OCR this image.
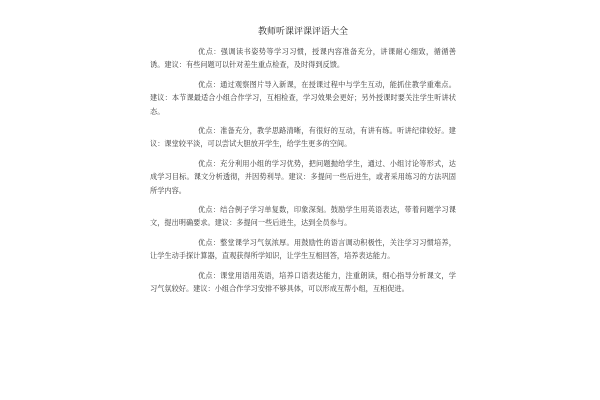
教师听课评课评语大全

优点：强调读书姿势等学习习惯，授课内容准备充分，讲课耐心细致，循循善诱。建议：有些问题可以针对差生重点检查，及时得到反馈。

优点：通过观察图片导入新课，在授课过程中与学生互动，能抓住教学重难点。建议：本节课最适合小组合作学习，互相检查，学习效果会更好；另外授课时要关注学生听讲状态。

优点：准备充分，教学思路清晰，有很好的互动，有讲有练。听讲纪律较好。建议：课堂较平淡，可以尝试大胆放开学生，给学生更多的空间。

优点：充分利用小组的学习优势，把问题抛给学生，通过、小组讨论等形式，达成学习目标。课文分析透彻，并因势利导。建议：多提问一些后进生，或者采用练习的方法巩固所学内容。

优点：结合例子学习单复数，印象深刻。鼓励学生用英语表达，带着问题学习课文，提出明确要求。建议：多提问一些后进生，达到全员参与。

优点：整堂课学习气氛浓厚。用鼓励性的语言调动积极性，关注学习习惯培养，让学生动手探计算器，直观获得所学知识，让学生互相回答，培养表达能力。

优点：课堂用语用英语，培养口语表达能力，注重朗读，细心指导分析课文，学习气氛较好。建议：小组合作学习安排不够具体，可以形成互帮小组，互相促进。
